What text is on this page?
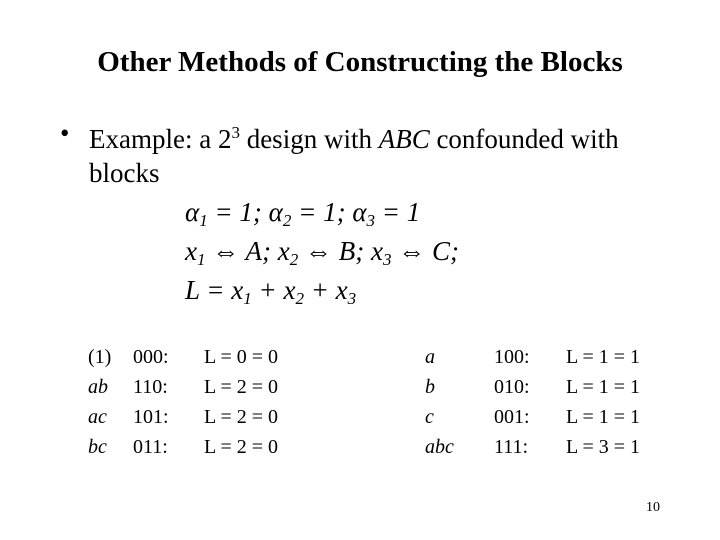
Other Methods of Constructing the Blocks
• Example: a $2^3$ design with ABC confounded with blocks
$\alpha_1 = 1$; $\alpha_2 = 1$; $\alpha_3 = 1$
$x_1$ ⇔ A; $x_2$ ⇔ B; $x_3$ ⇔ C;
$L = x_1 + x_2 + x_3$
(1)
ab
ac
bc
000:
110:
101:
011:
L = 0 = 0
L = 2 = 0
L = 2 = 0
L = 2 = 0
a
b
c
abc
100:
010:
001:
111:
L = 1 = 1
L = 1 = 1
L = 1 = 1
L = 3 = 1
10
